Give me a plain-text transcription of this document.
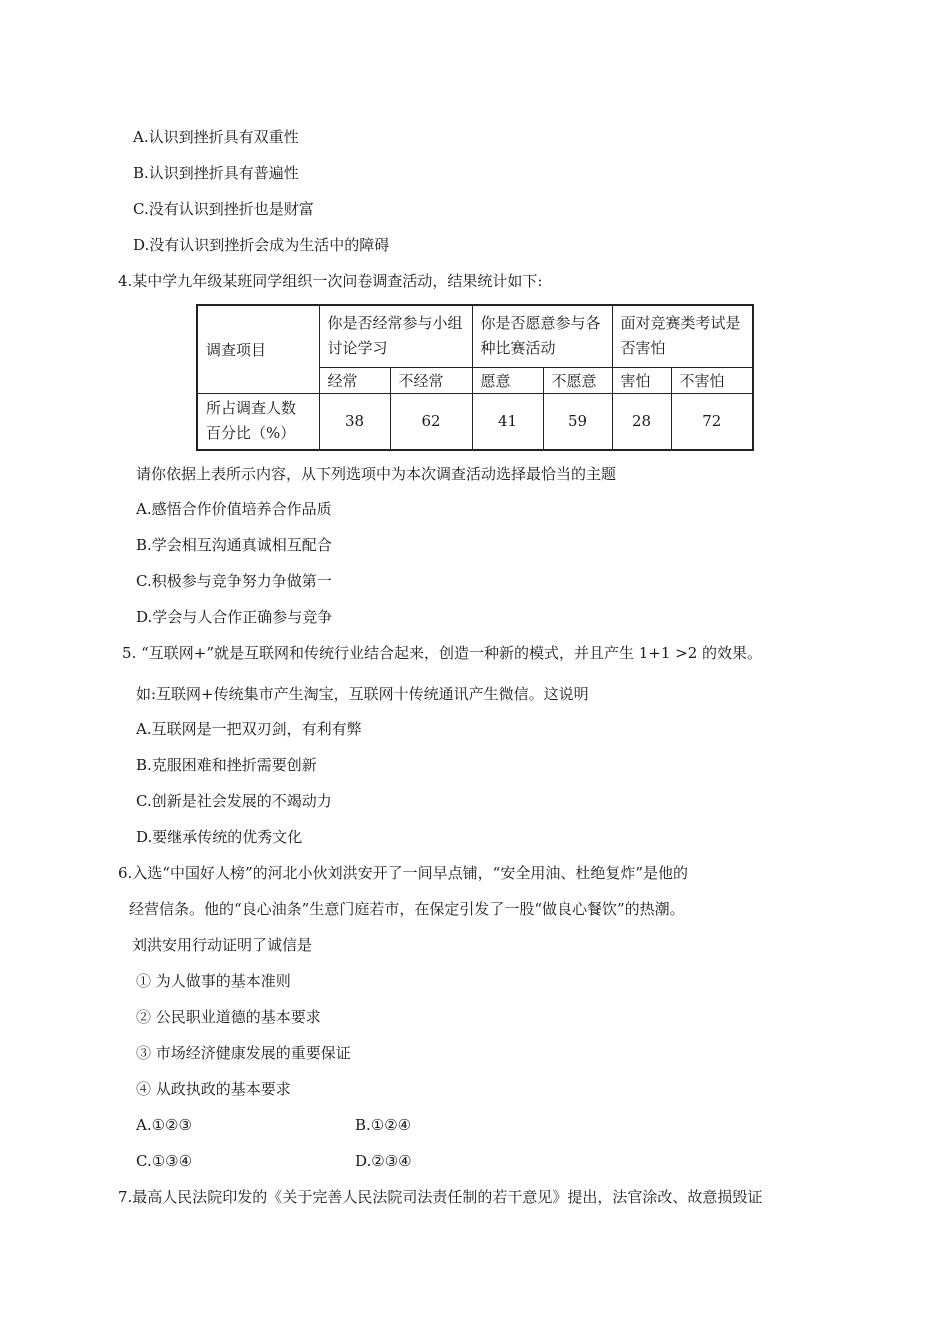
A.认识到挫折具有双重性
B.认识到挫折具有普遍性
C.没有认识到挫折也是财富
D.没有认识到挫折会成为生活中的障碍
4.某中学九年级某班同学组织一次问卷调查活动，结果统计如下:
调查项目	你是否经常参与小组讨论学习		你是否愿意参与各种比赛活动		面对竞赛类考试是否害怕	
	经常	不经常	愿意	不愿意	害怕	不害怕
所占调查人数百分比（%）	38	62	41	59	28	72
请你依据上表所示内容，从下列选项中为本次调查活动选择最恰当的主题
A.感悟合作价值培养合作品质
B.学会相互沟通真诚相互配合
C.积极参与竞争努力争做第一
D.学会与人合作正确参与竞争
5. “互联网+”就是互联网和传统行业结合起来，创造一种新的模式，并且产生 1+1 >2 的效果。
如:互联网+传统集市产生淘宝，互联网十传统通讯产生微信。这说明
A.互联网是一把双刃剑，有利有弊
B.克服困难和挫折需要创新
C.创新是社会发展的不竭动力
D.要继承传统的优秀文化
6.入选“中国好人榜”的河北小伙刘洪安开了一间早点铺，“安全用油、杜绝复炸”是他的
经营信条。他的“良心油条”生意门庭若市，在保定引发了一股“做良心餐饮”的热潮。
刘洪安用行动证明了诚信是
① 为人做事的基本准则
② 公民职业道德的基本要求
③ 市场经济健康发展的重要保证
④ 从政执政的基本要求
A.①②③	B.①②④
C.①③④	D.②③④
7.最高人民法院印发的《关于完善人民法院司法责任制的若干意见》提出，法官涂改、故意损毁证
